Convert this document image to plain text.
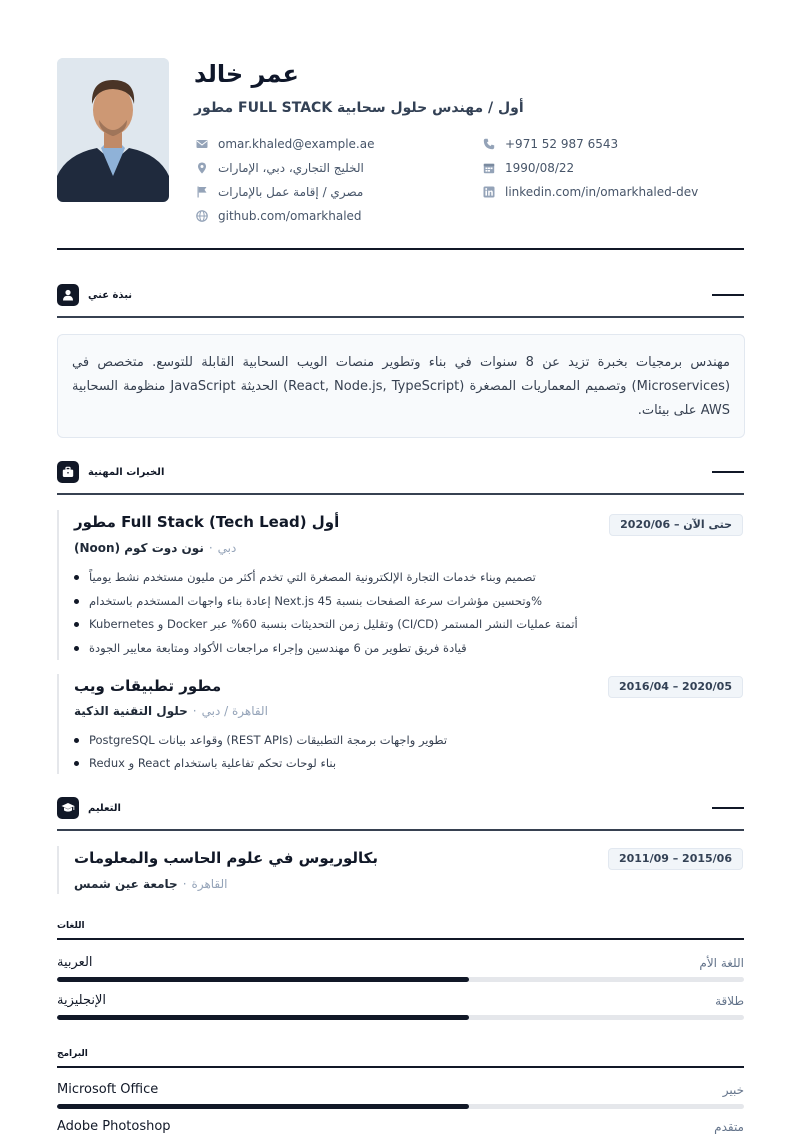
عمر خالد
أول / مهندس حلول سحابية FULL STACK مطور
omar.khaled@example.ae
الخليج التجاري، دبي، الإمارات
مصري / إقامة عمل بالإمارات
github.com/omarkhaled
+971 52 987 6543
1990/08/22
linkedin.com/in/omarkhaled-dev
نبذة عني

مهندس برمجيات بخبرة تزيد عن 8 سنوات في بناء وتطوير منصات الويب السحابية القابلة للتوسع. متخصص في (Microservices) وتصميم المعماريات المصغرة (React, Node.js, TypeScript) الحديثة JavaScript منظومة السحابية AWS على بيئات.

الخبرات المهنية
أول (Tech Lead) Full Stack مطور	حتى الآن – 2020/06
نون دوت كوم (Noon) · دبي
تصميم وبناء خدمات التجارة الإلكترونية المصغرة التي تخدم أكثر من مليون مستخدم نشط يومياً
%وتحسين مؤشرات سرعة الصفحات بنسبة 45 Next.js إعادة بناء واجهات المستخدم باستخدام
Kubernetes و Docker وتقليل زمن التحديثات بنسبة 60% عبر (CI/CD) أتمتة عمليات النشر المستمر
قيادة فريق تطوير من 6 مهندسين وإجراء مراجعات الأكواد ومتابعة معايير الجودة
مطور تطبيقات ويب	2016/04 – 2020/05
حلول التقنية الذكية · القاهرة / دبي
PostgreSQL وقواعد بيانات (REST APIs) تطوير واجهات برمجة التطبيقات
Redux و React بناء لوحات تحكم تفاعلية باستخدام
التعليم
بكالوريوس في علوم الحاسب والمعلومات	2011/09 – 2015/06
جامعة عين شمس · القاهرة
اللغات
العربية	اللغة الأم
الإنجليزية	طلاقة
البرامج
Microsoft Office	خبير
Adobe Photoshop	متقدم
